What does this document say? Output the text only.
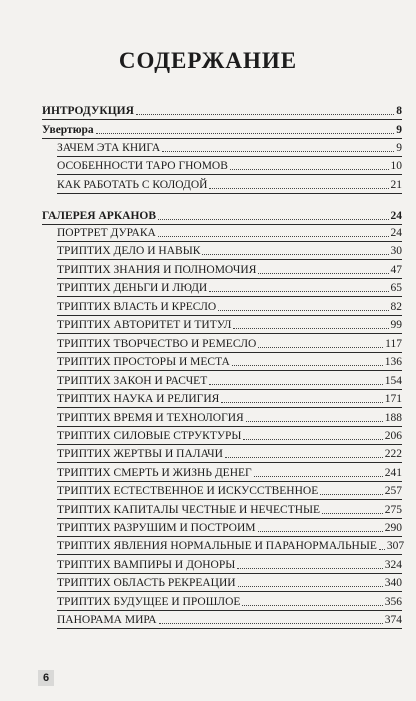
СОДЕРЖАНИЕ
ИНТРОДУКЦИЯ	8
Увертюра	9
ЗАЧЕМ ЭТА КНИГА	9
ОСОБЕННОСТИ ТАРО ГНОМОВ	10
КАК РАБОТАТЬ С КОЛОДОЙ	21
ГАЛЕРЕЯ АРКАНОВ	24
ПОРТРЕТ ДУРАКА	24
ТРИПТИХ ДЕЛО И НАВЫК	30
ТРИПТИХ ЗНАНИЯ И ПОЛНОМОЧИЯ	47
ТРИПТИХ ДЕНЬГИ И ЛЮДИ	65
ТРИПТИХ ВЛАСТЬ И КРЕСЛО	82
ТРИПТИХ АВТОРИТЕТ И ТИТУЛ	99
ТРИПТИХ ТВОРЧЕСТВО И РЕМЕСЛО	117
ТРИПТИХ ПРОСТОРЫ И МЕСТА	136
ТРИПТИХ ЗАКОН И РАСЧЕТ	154
ТРИПТИХ НАУКА И РЕЛИГИЯ	171
ТРИПТИХ ВРЕМЯ И ТЕХНОЛОГИЯ	188
ТРИПТИХ СИЛОВЫЕ СТРУКТУРЫ	206
ТРИПТИХ ЖЕРТВЫ И ПАЛАЧИ	222
ТРИПТИХ СМЕРТЬ И ЖИЗНЬ ДЕНЕГ	241
ТРИПТИХ ЕСТЕСТВЕННОЕ И ИСКУССТВЕННОЕ	257
ТРИПТИХ КАПИТАЛЫ ЧЕСТНЫЕ И НЕЧЕСТНЫЕ	275
ТРИПТИХ РАЗРУШИМ И ПОСТРОИМ	290
ТРИПТИХ ЯВЛЕНИЯ НОРМАЛЬНЫЕ И ПАРАНОРМАЛЬНЫЕ 307
ТРИПТИХ ВАМПИРЫ И ДОНОРЫ	324
ТРИПТИХ ОБЛАСТЬ РЕКРЕАЦИИ	340
ТРИПТИХ БУДУЩЕЕ И ПРОШЛОЕ	356
ПАНОРАМА МИРА	374
6
